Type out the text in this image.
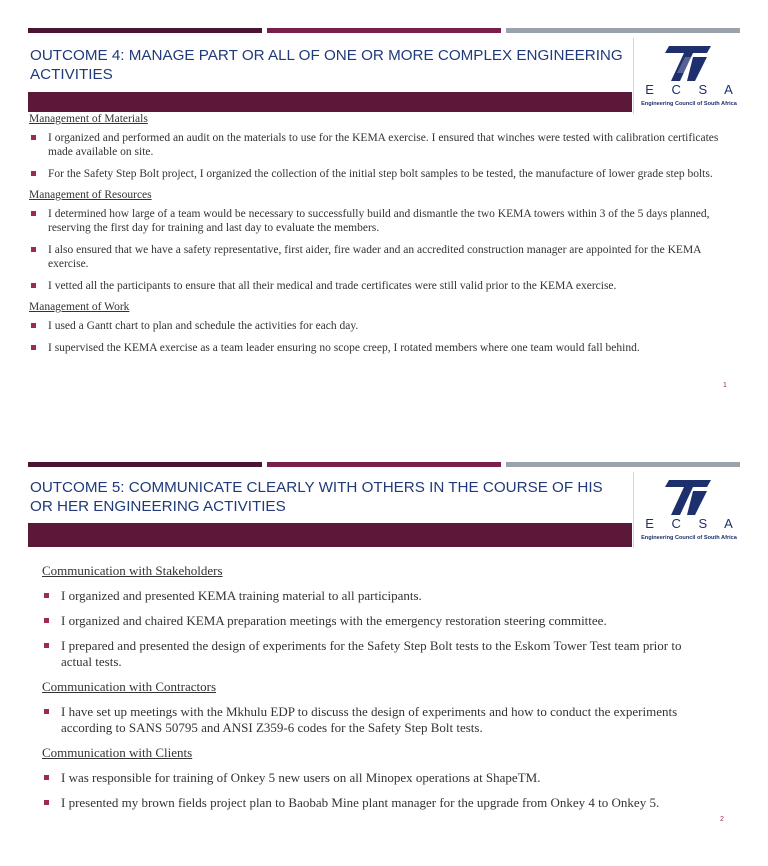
OUTCOME 4: MANAGE PART OR ALL OF ONE OR MORE COMPLEX ENGINEERING ACTIVITIES
E C S A
Engineering Council of South Africa

Management of Materials

I organized and performed an audit on the materials to use for the KEMA exercise. I ensured that winches were tested with calibration certificates made available on site.
For the Safety Step Bolt project, I organized the collection of the initial step bolt samples to be tested, the manufacture of lower grade step bolts.

Management of Resources

I determined how large of a team would be necessary to successfully build and dismantle the two KEMA towers within 3 of the 5 days planned, reserving the first day for training and last day to evaluate the members.
I also ensured that we have a safety representative, first aider, fire wader and an accredited construction manager are appointed for the KEMA exercise.
I vetted all the participants to ensure that all their medical and trade certificates were still valid prior to the KEMA exercise.

Management of Work

I used a Gantt chart to plan and schedule the activities for each day.
I supervised the KEMA exercise as a team leader ensuring no scope creep, I rotated members where one team would fall behind.
1
OUTCOME 5: COMMUNICATE CLEARLY WITH OTHERS IN THE COURSE OF HIS OR HER ENGINEERING ACTIVITIES
E C S A
Engineering Council of South Africa

Communication with Stakeholders

I organized and presented KEMA training material to all participants.
I organized and chaired KEMA preparation meetings with the emergency restoration steering committee.
I prepared and presented the design of experiments for the Safety Step Bolt tests to the Eskom Tower Test team prior to actual tests.

Communication with Contractors

I have set up meetings with the Mkhulu EDP to discuss the design of experiments and how to conduct the experiments according to SANS 50795 and ANSI Z359-6 codes for the Safety Step Bolt tests.

Communication with Clients

I was responsible for training of Onkey 5 new users on all Minopex operations at ShapeTM.
I presented my brown fields project plan to Baobab Mine plant manager for the upgrade from Onkey 4 to Onkey 5.
2
